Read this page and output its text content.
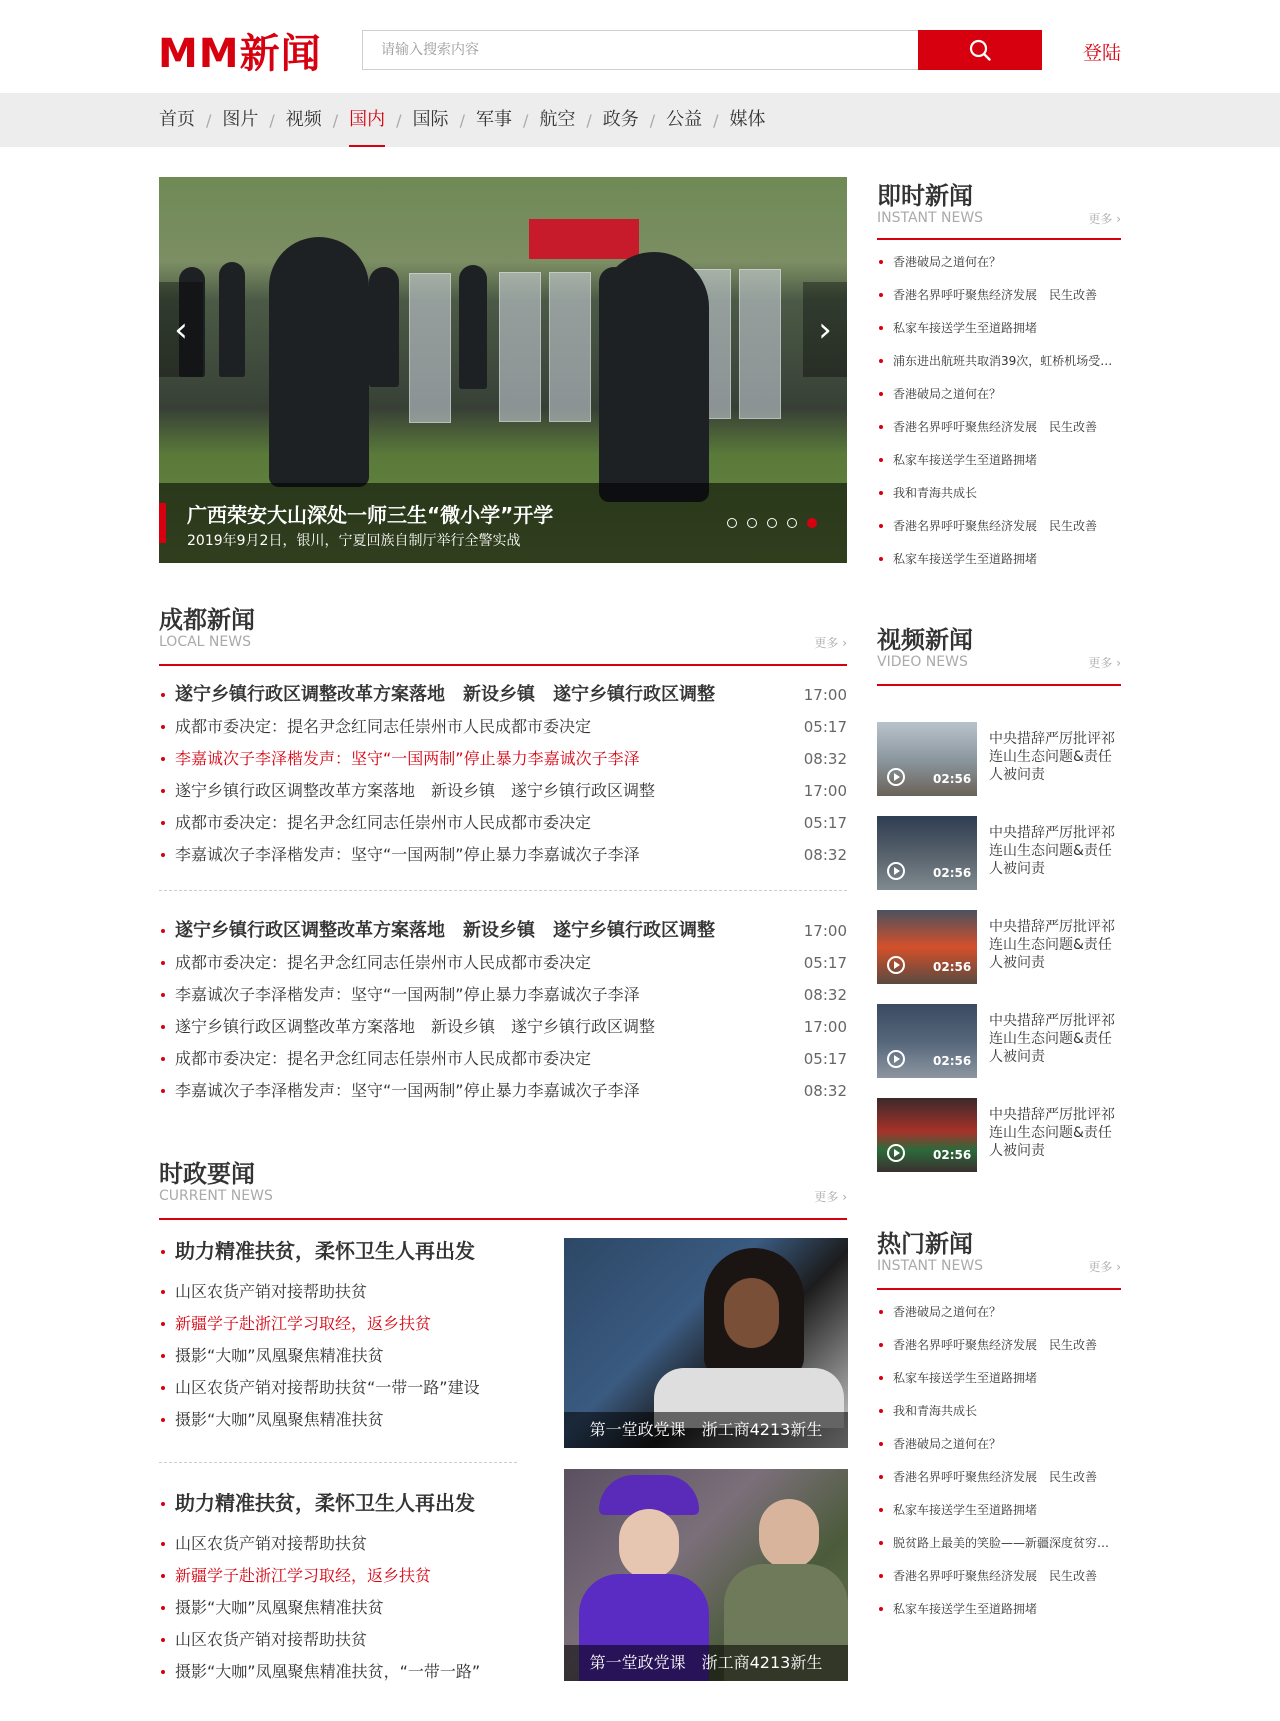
MM新闻
请输入搜索内容	登陆
首页 / 图片 / 视频 / 国内 / 国际 / 军事 / 航空 / 政务 / 公益 / 媒体
‹	›
广西荣安大山深处一师三生“微小学”开学
2019年9月2日，银川，宁夏回族自制厅举行全警实战
即时新闻
INSTANT NEWS	更多 ›
香港破局之道何在？
香港名界呼吁聚焦经济发展　民生改善
私家车接送学生至道路拥堵
浦东进出航班共取消39次，虹桥机场受…
香港破局之道何在？
香港名界呼吁聚焦经济发展　民生改善
私家车接送学生至道路拥堵
我和青海共成长
香港名界呼吁聚焦经济发展　民生改善
私家车接送学生至道路拥堵
成都新闻
LOCAL NEWS	更多 ›
遂宁乡镇行政区调整改革方案落地　新设乡镇　遂宁乡镇行政区调整	17:00
成都市委决定：提名尹念红同志任崇州市人民成都市委决定	05:17
李嘉诚次子李泽楷发声：坚守“一国两制”停止暴力李嘉诚次子李泽	08:32
遂宁乡镇行政区调整改革方案落地　新设乡镇　遂宁乡镇行政区调整	17:00
成都市委决定：提名尹念红同志任崇州市人民成都市委决定	05:17
李嘉诚次子李泽楷发声：坚守“一国两制”停止暴力李嘉诚次子李泽	08:32
遂宁乡镇行政区调整改革方案落地　新设乡镇　遂宁乡镇行政区调整	17:00
成都市委决定：提名尹念红同志任崇州市人民成都市委决定	05:17
李嘉诚次子李泽楷发声：坚守“一国两制”停止暴力李嘉诚次子李泽	08:32
遂宁乡镇行政区调整改革方案落地　新设乡镇　遂宁乡镇行政区调整	17:00
成都市委决定：提名尹念红同志任崇州市人民成都市委决定	05:17
李嘉诚次子李泽楷发声：坚守“一国两制”停止暴力李嘉诚次子李泽	08:32
视频新闻
VIDEO NEWS	更多 ›
02:56
中央措辞严厉批评祁连山生态问题&责任人被问责
02:56
中央措辞严厉批评祁连山生态问题&责任人被问责
02:56
中央措辞严厉批评祁连山生态问题&责任人被问责
02:56
中央措辞严厉批评祁连山生态问题&责任人被问责
02:56
中央措辞严厉批评祁连山生态问题&责任人被问责
时政要闻
CURRENT NEWS	更多 ›
助力精准扶贫，柔怀卫生人再出发
山区农货产销对接帮助扶贫
新疆学子赴浙江学习取经，返乡扶贫
摄影“大咖”凤凰聚焦精准扶贫
山区农货产销对接帮助扶贫“一带一路”建设
摄影“大咖”凤凰聚焦精准扶贫
助力精准扶贫，柔怀卫生人再出发
山区农货产销对接帮助扶贫
新疆学子赴浙江学习取经，返乡扶贫
摄影“大咖”凤凰聚焦精准扶贫
山区农货产销对接帮助扶贫
摄影“大咖”凤凰聚焦精准扶贫，“一带一路”
第一堂政党课　浙工商4213新生
第一堂政党课　浙工商4213新生
热门新闻
INSTANT NEWS	更多 ›
香港破局之道何在？
香港名界呼吁聚焦经济发展　民生改善
私家车接送学生至道路拥堵
我和青海共成长
香港破局之道何在？
香港名界呼吁聚焦经济发展　民生改善
私家车接送学生至道路拥堵
脱贫路上最美的笑脸——新疆深度贫穷…
香港名界呼吁聚焦经济发展　民生改善
私家车接送学生至道路拥堵
